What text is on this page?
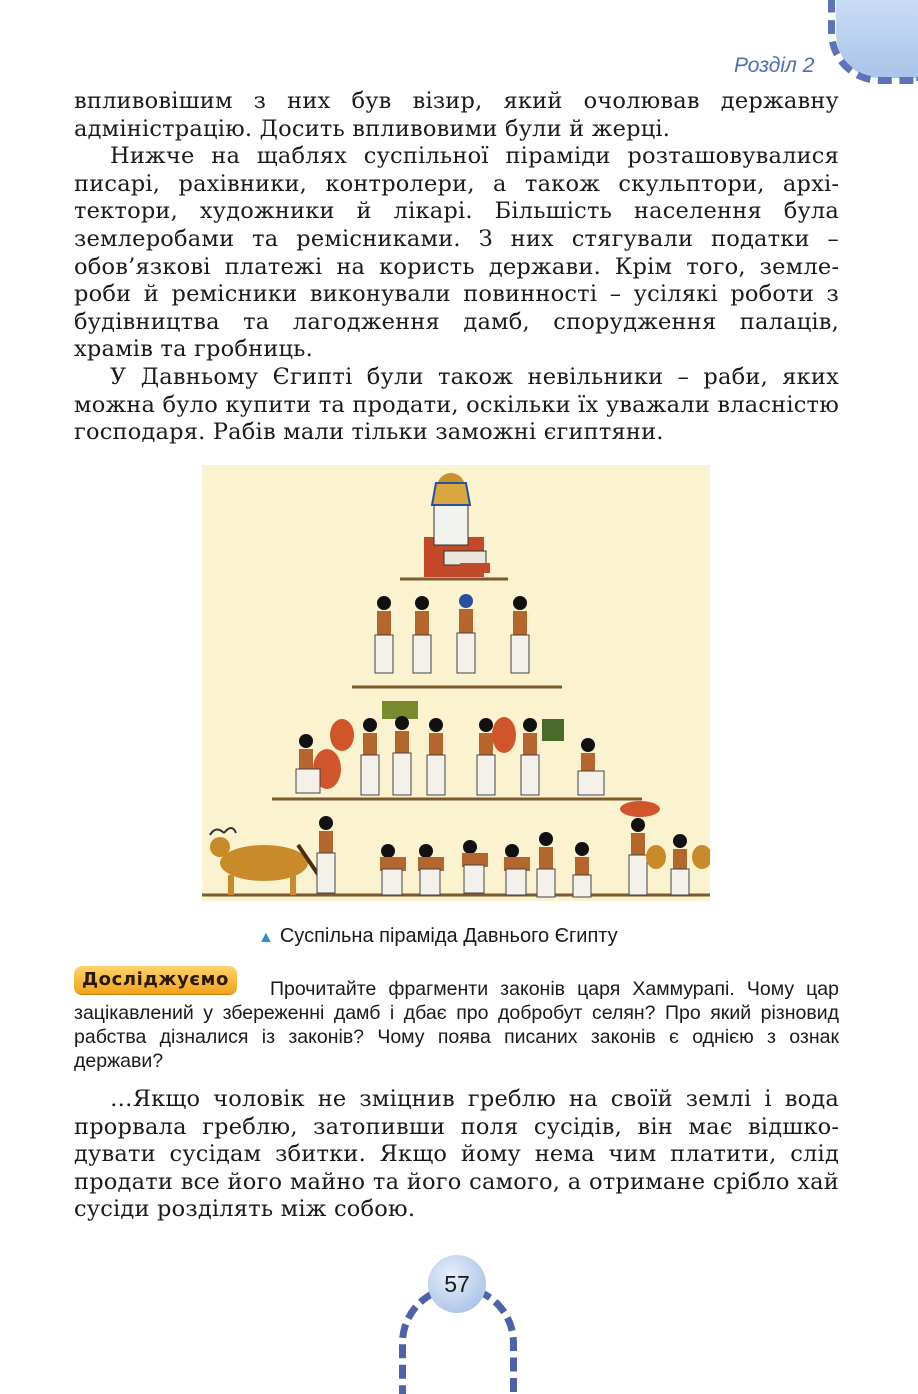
Розділ 2

впливовішим з них був візир, який очолював державну адміністрацію. Досить впливовими були й жерці.

Нижче на щаблях суспільної піраміди розташовувалися писарі, рахівники, контролери, а також скульптори, архітектори, художники й лікарі. Більшість населення була землеробами та ремісниками. З них стягували податки – обов’язкові платежі на користь держави. Крім того, землероби й ремісники виконували повинності – усілякі роботи з будівництва та лагодження дамб, спорудження палаців, храмів та гробниць.

У Давньому Єгипті були також невільники – раби, яких можна було купити та продати, оскільки їх уважали власністю господаря. Рабів мали тільки заможні єгиптяни.

▲ Суспільна піраміда Давнього Єгипту
Прочитайте фрагменти законів царя Хаммурапі. Чому цар зацікавлений у збереженні дамб і дбає про добробут селян? Про який різновид рабства дізналися із законів? Чому поява писаних законів є однією з ознак держави?
Досліджуємо

…Якщо чоловік не зміцнив греблю на своїй землі і вода прорвала греблю, затопивши поля сусідів, він має відшкодувати сусідам збитки. Якщо йому нема чим платити, слід продати все його майно та його самого, а отримане срібло хай сусіди розділять між собою.

57
